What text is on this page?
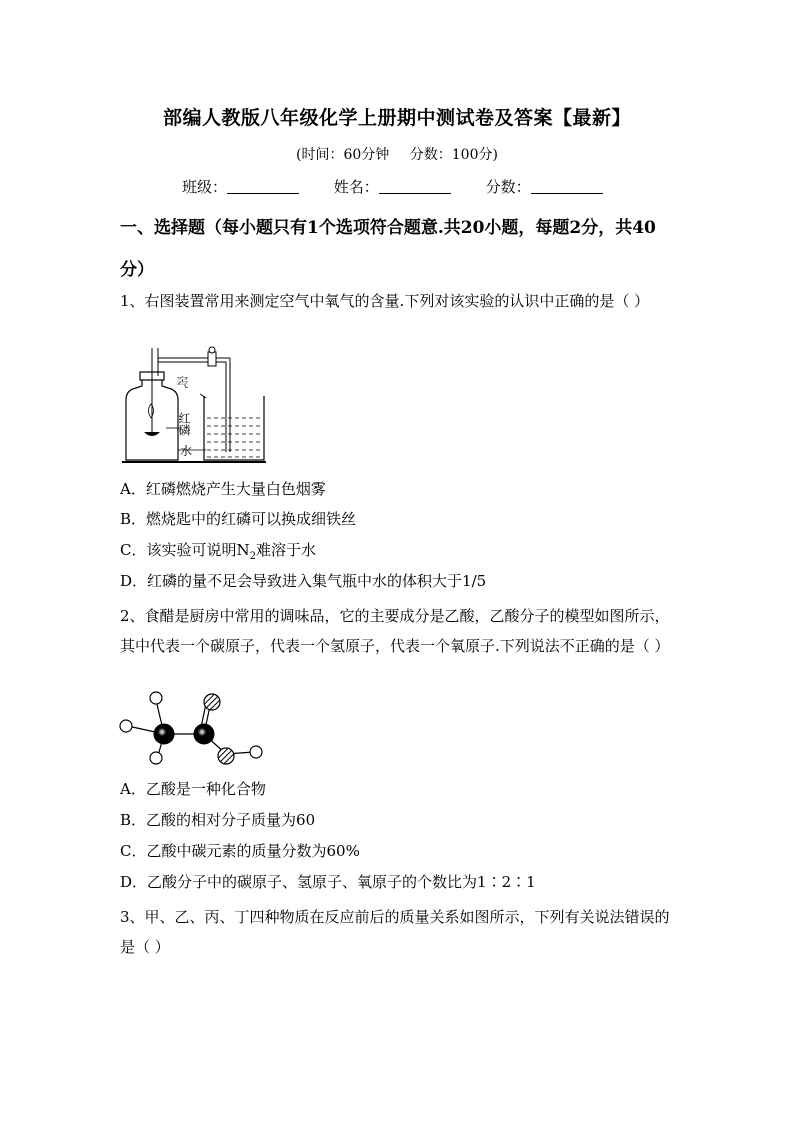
部编人教版八年级化学上册期中测试卷及答案【最新】
(时间：60分钟 分数：100分)
班级：	姓名：	分数：
一、选择题（每小题只有1个选项符合题意.共20小题，每题2分，共40分）
1、右图装置常用来测定空气中氧气的含量.下列对该实验的认识中正确的是（ ）
空气
红磷
水
A．红磷燃烧产生大量白色烟雾
B．燃烧匙中的红磷可以换成细铁丝
C．该实验可说明$N_2$难溶于水
D．红磷的量不足会导致进入集气瓶中水的体积大于1/5
2、食醋是厨房中常用的调味品，它的主要成分是乙酸，乙酸分子的模型如图所示，其中代表一个碳原子，代表一个氢原子，代表一个氧原子.下列说法不正确的是（ ）
A．乙酸是一种化合物
B．乙酸的相对分子质量为60
C．乙酸中碳元素的质量分数为60%
D．乙酸分子中的碳原子、氢原子、氧原子的个数比为1∶2∶1
3、甲、乙、丙、丁四种物质在反应前后的质量关系如图所示，下列有关说法错误的是（ ）
